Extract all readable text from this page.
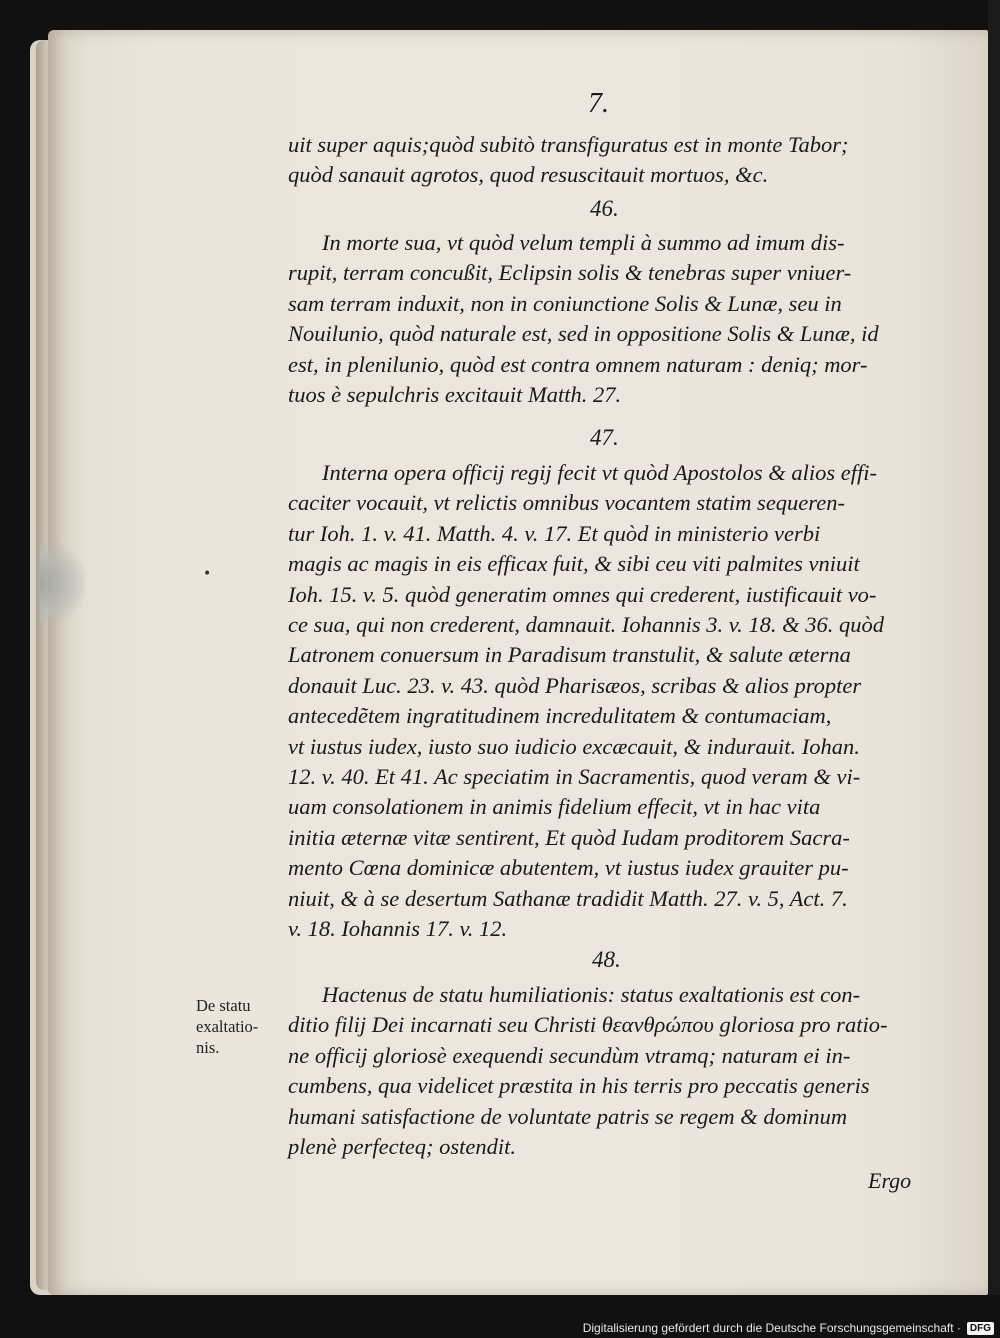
7.
uit super aquis;quòd subitò transfiguratus est in monte Tabor;
quòd sanauit agrotos, quod resuscitauit mortuos, &c.
46.
In morte sua, vt quòd velum templi à summo ad imum dis-
rupit, terram concußit, Eclipsin solis & tenebras super vniuer-
sam terram induxit, non in coniunctione Solis & Lunæ, seu in
Nouilunio, quòd naturale est, sed in oppositione Solis & Lunæ, id
est, in plenilunio, quòd est contra omnem naturam : deniq; mor-
tuos è sepulchris excitauit Matth. 27.
47.
Interna opera officij regij fecit vt quòd Apostolos & alios effi-
caciter vocauit, vt relictis omnibus vocantem statim sequeren-
tur Ioh. 1. v. 41. Matth. 4. v. 17. Et quòd in ministerio verbi
magis ac magis in eis efficax fuit, & sibi ceu viti palmites vniuit
Ioh. 15. v. 5. quòd generatim omnes qui crederent, iustificauit vo-
ce sua, qui non crederent, damnauit. Iohannis 3. v. 18. & 36. quòd
Latronem conuersum in Paradisum transtulit, & salute æterna
donauit Luc. 23. v. 43. quòd Pharisæos, scribas & alios propter
antecedẽtem ingratitudinem incredulitatem & contumaciam,
vt iustus iudex, iusto suo iudicio excæcauit, & indurauit. Iohan.
12. v. 40. Et 41. Ac speciatim in Sacramentis, quod veram & vi-
uam consolationem in animis fidelium effecit, vt in hac vita
initia æternæ vitæ sentirent, Et quòd Iudam proditorem Sacra-
mento Cœna dominicæ abutentem, vt iustus iudex grauiter pu-
niuit, & à se desertum Sathanæ tradidit Matth. 27. v. 5, Act. 7.
v. 18. Iohannis 17. v. 12.
48.
Hactenus de statu humiliationis: status exaltationis est con-
ditio filij Dei incarnati seu Christi θεανθρώπου gloriosa pro ratio-
ne officij gloriosè exequendi secundùm vtramq; naturam ei in-
cumbens, qua videlicet præstita in his terris pro peccatis generis
humani satisfactione de voluntate patris se regem & dominum
plenè perfecteq; ostendit.
De statu
exaltatio-
nis.
•
Ergo
Digitalisierung gefördert durch die Deutsche Forschungsgemeinschaft · DFG
